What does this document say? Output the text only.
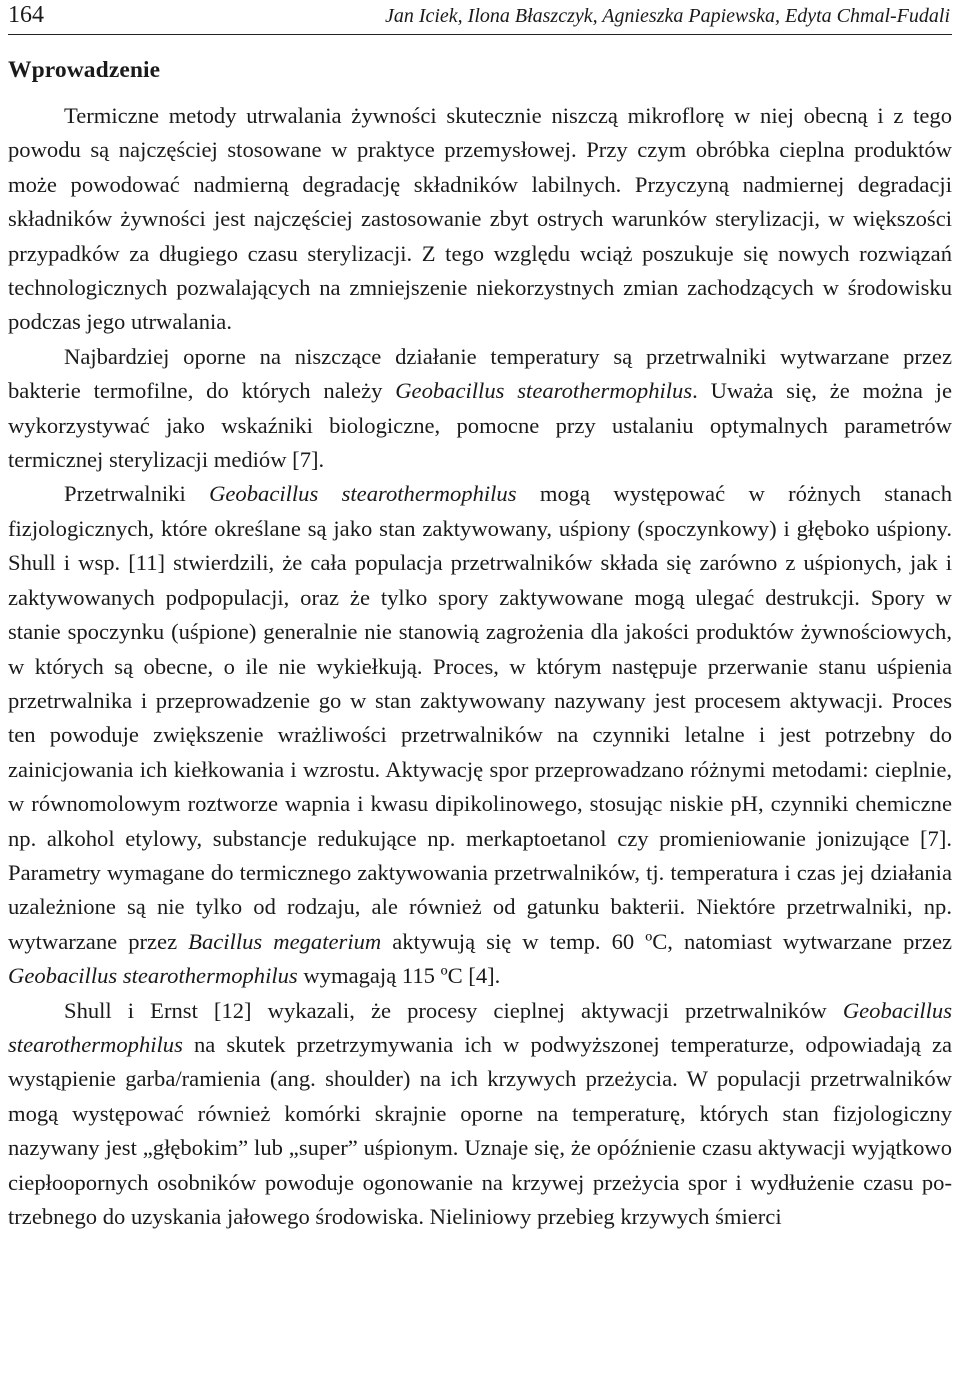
164	Jan Iciek, Ilona Błaszczyk, Agnieszka Papiewska, Edyta Chmal-Fudali
Wprowadzenie

Termiczne metody utrwalania żywności skutecznie niszczą mikroflorę w niej obecną i z tego powodu są najczęściej stosowane w praktyce przemysłowej. Przy czym obróbka cieplna produktów może powodować nadmierną degradację składników labilnych. Przyczyną nadmiernej degradacji składników żywności jest najczęściej zastosowanie zbyt ostrych warunków sterylizacji, w większości przypadków za długiego czasu sterylizacji. Z tego względu wciąż poszukuje się nowych rozwiązań technologicznych pozwalających na zmniejszenie niekorzystnych zmian zachodzących w środowisku podczas jego utrwalania.

Najbardziej oporne na niszczące działanie temperatury są przetrwalniki wytwarzane przez bakterie termofilne, do których należy Geobacillus stearothermophilus. Uważa się, że można je wykorzystywać jako wskaźniki biologiczne, pomocne przy ustalaniu optymalnych parametrów termicznej sterylizacji mediów [7].

Przetrwalniki Geobacillus stearothermophilus mogą występować w różnych stanach fizjologicznych, które określane są jako stan zaktywowany, uśpiony (spoczynkowy) i głęboko uśpiony. Shull i wsp. [11] stwierdzili, że cała populacja przetrwalników składa się zarówno z uśpionych, jak i zaktywowanych podpopulacji, oraz że tylko spory zaktywowane mogą ulegać destrukcji. Spory w stanie spoczynku (uśpione) generalnie nie stanowią zagrożenia dla jakości produktów żywnościowych, w których są obecne, o ile nie wykiełkują. Proces, w którym następuje przerwanie stanu uśpienia przetrwalnika i przeprowadzenie go w stan zaktywowany nazywany jest procesem aktywacji. Proces ten powoduje zwiększenie wrażliwości przetrwalników na czynniki letalne i jest potrzebny do zainicjowania ich kiełkowania i wzrostu. Aktywację spor przeprowadzano różnymi metodami: cieplnie, w równomolowym roztworze wapnia i kwasu dipikolinowego, stosując niskie pH, czynniki chemiczne np. alkohol etylowy, substancje redukujące np. merkaptoetanol czy promieniowanie jonizujące [7]. Parametry wymagane do termicznego zaktywowania przetrwalników, tj. temperatura i czas jej działania uzależnione są nie tylko od rodzaju, ale również od gatunku bakterii. Niektóre przetrwalniki, np. wytwarzane przez Bacillus megaterium aktywują się w temp. 60 ºC, natomiast wytwarzane przez Geobacillus stearothermophilus wymagają 115 ºC [4].

Shull i Ernst [12] wykazali, że procesy cieplnej aktywacji przetrwalników Geobacillus stearothermophilus na skutek przetrzymywania ich w podwyższonej temperaturze, odpowiadają za wystąpienie garba/ramienia (ang. shoulder) na ich krzywych przeżycia. W populacji przetrwalników mogą występować również komórki skrajnie oporne na temperaturę, których stan fizjologiczny nazywany jest „głębokim” lub „super” uśpionym. Uznaje się, że opóźnienie czasu aktywacji wyjątkowo ciepłoopornych osobników powoduje ogonowanie na krzywej przeżycia spor i wydłużenie czasu potrzebnego do uzyskania jałowego środowiska. Nieliniowy przebieg krzywych śmierci
